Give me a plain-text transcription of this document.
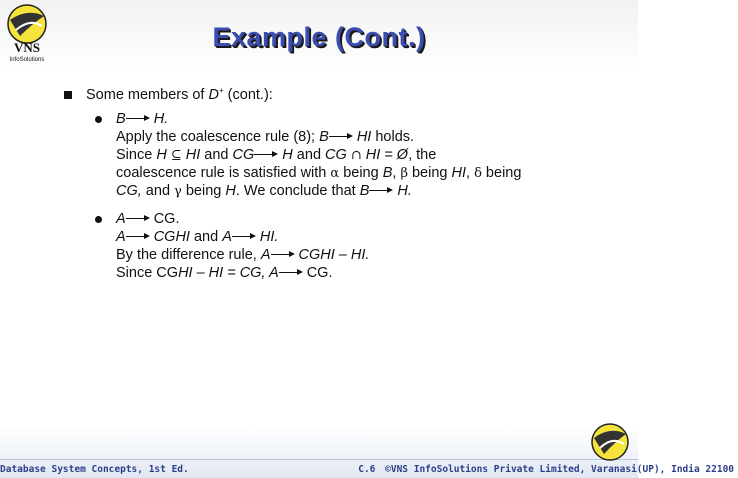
VNS
InfoSolutions
Example (Cont.)
Some members of D+ (cont.):
B H.
Apply the coalescence rule (8); B HI holds.
Since H ⊆ HI and CG H and CG ∩ HI = Ø, the
coalescence rule is satisfied with α being B, β being HI, δ being
CG, and γ being H. We conclude that B H.
A CG.
A CGHI and A HI.
By the difference rule, A CGHI – HI.
Since CGHI – HI = CG, A CG.
Database System Concepts, 1st Ed.	C.6 ©VNS InfoSolutions Private Limited, Varanasi(UP), India 22100
